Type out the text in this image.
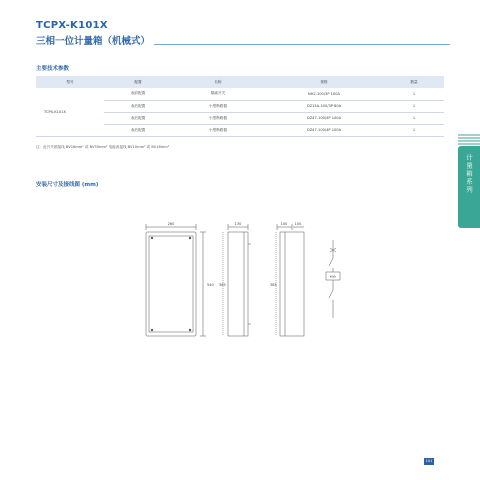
TCPX-K101X
三相一位计量箱（机械式）
主要技术参数
型号	配置	名称	规格	数量
TCPX-K101X	表前配置	隔离开关	NH2-100/3P 100A	1
	表后配置	小型断路器	DZ15A-100/3P 80A	1
	表后配置	小型断路器	DZ47-100/4P 100A	1
	表后配置	小型断路器	DZ47-100/4P 100A	1
注：此开关箱接线 BV16mm² 或 BV35mm² 电能表接线 BV10mm² 或 BV16mm²
安装尺寸及接线图 (mm)
260
540
130
385
100 100
385
kWh
计量箱系列
101
